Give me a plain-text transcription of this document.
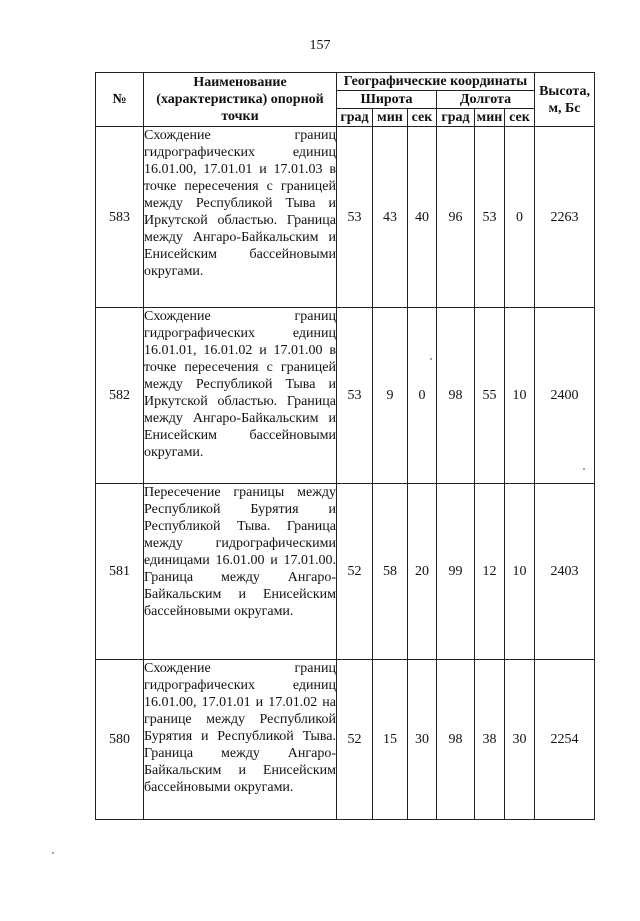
157
№	Наименование (характеристика) опорной точки	Географические координаты						Высота, м, Бс
		Широта			Долгота			
		град	мин	сек	град	мин	сек	
583	Схождение границ гидрографических единиц 16.01.00, 17.01.01 и 17.01.03 в точке пересечения с границей между Республикой Тыва и Иркутской областью. Граница между Ангаро-Байкальским и Енисейским бассейновыми округами.	53	43	40	96	53	0	2263
582	Схождение границ гидрографических единиц 16.01.01, 16.01.02 и 17.01.00 в точке пересечения с границей между Республикой Тыва и Иркутской областью. Граница между Ангаро-Байкальским и Енисейским бассейновыми округами.	53	9	0	98	55	10	2400
581	Пересечение границы между Республикой Бурятия и Республикой Тыва. Граница между гидрографическими единицами 16.01.00 и 17.01.00. Граница между Ангаро-Байкальским и Енисейским бассейновыми округами.	52	58	20	99	12	10	2403
580	Схождение границ гидрографических единиц 16.01.00, 17.01.01 и 17.01.02 на границе между Республикой Бурятия и Республикой Тыва. Граница между Ангаро-Байкальским и Енисейским бассейновыми округами.	52	15	30	98	38	30	2254
